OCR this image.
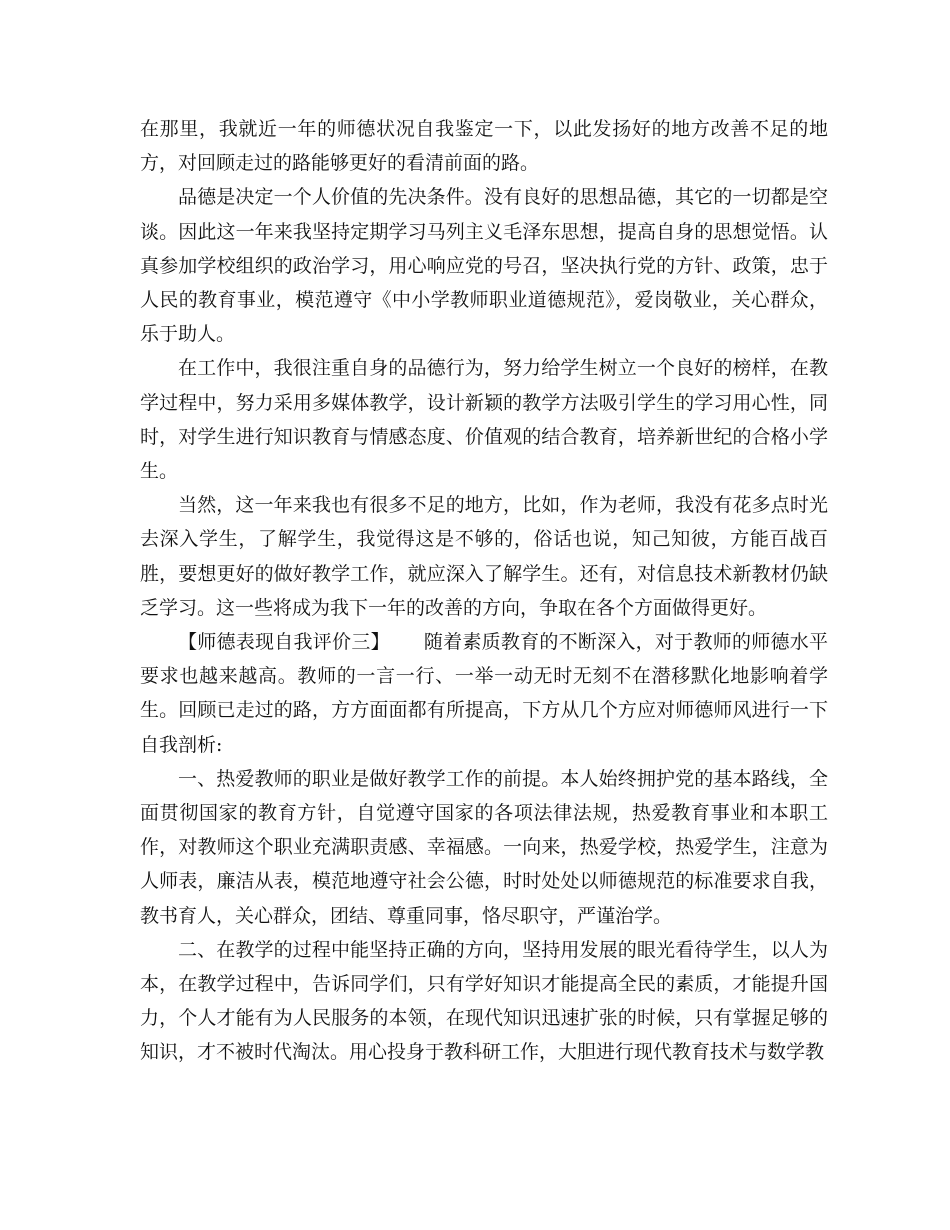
在那里，我就近一年的师德状况自我鉴定一下，以此发扬好的地方改善不足的地方，对回顾走过的路能够更好的看清前面的路。

品德是决定一个人价值的先决条件。没有良好的思想品德，其它的一切都是空谈。因此这一年来我坚持定期学习马列主义毛泽东思想，提高自身的思想觉悟。认真参加学校组织的政治学习，用心响应党的号召，坚决执行党的方针、政策，忠于人民的教育事业，模范遵守《中小学教师职业道德规范》，爱岗敬业，关心群众，乐于助人。

在工作中，我很注重自身的品德行为，努力给学生树立一个良好的榜样，在教学过程中，努力采用多媒体教学，设计新颖的教学方法吸引学生的学习用心性，同时，对学生进行知识教育与情感态度、价值观的结合教育，培养新世纪的合格小学生。

当然，这一年来我也有很多不足的地方，比如，作为老师，我没有花多点时光去深入学生，了解学生，我觉得这是不够的，俗话也说，知己知彼，方能百战百胜，要想更好的做好教学工作，就应深入了解学生。还有，对信息技术新教材仍缺乏学习。这一些将成为我下一年的改善的方向，争取在各个方面做得更好。

【师德表现自我评价三】 随着素质教育的不断深入，对于教师的师德水平要求也越来越高。教师的一言一行、一举一动无时无刻不在潜移默化地影响着学生。回顾已走过的路，方方面面都有所提高，下方从几个方应对师德师风进行一下自我剖析:

一、热爱教师的职业是做好教学工作的前提。本人始终拥护党的基本路线，全面贯彻国家的教育方针，自觉遵守国家的各项法律法规，热爱教育事业和本职工作，对教师这个职业充满职责感、幸福感。一向来，热爱学校，热爱学生，注意为人师表，廉洁从表，模范地遵守社会公德，时时处处以师德规范的标准要求自我，教书育人，关心群众，团结、尊重同事，恪尽职守，严谨治学。

二、在教学的过程中能坚持正确的方向，坚持用发展的眼光看待学生，以人为本，在教学过程中，告诉同学们，只有学好知识才能提高全民的素质，才能提升国力，个人才能有为人民服务的本领，在现代知识迅速扩张的时候，只有掌握足够的知识，才不被时代淘汰。用心投身于教科研工作，大胆进行现代教育技术与数学教
